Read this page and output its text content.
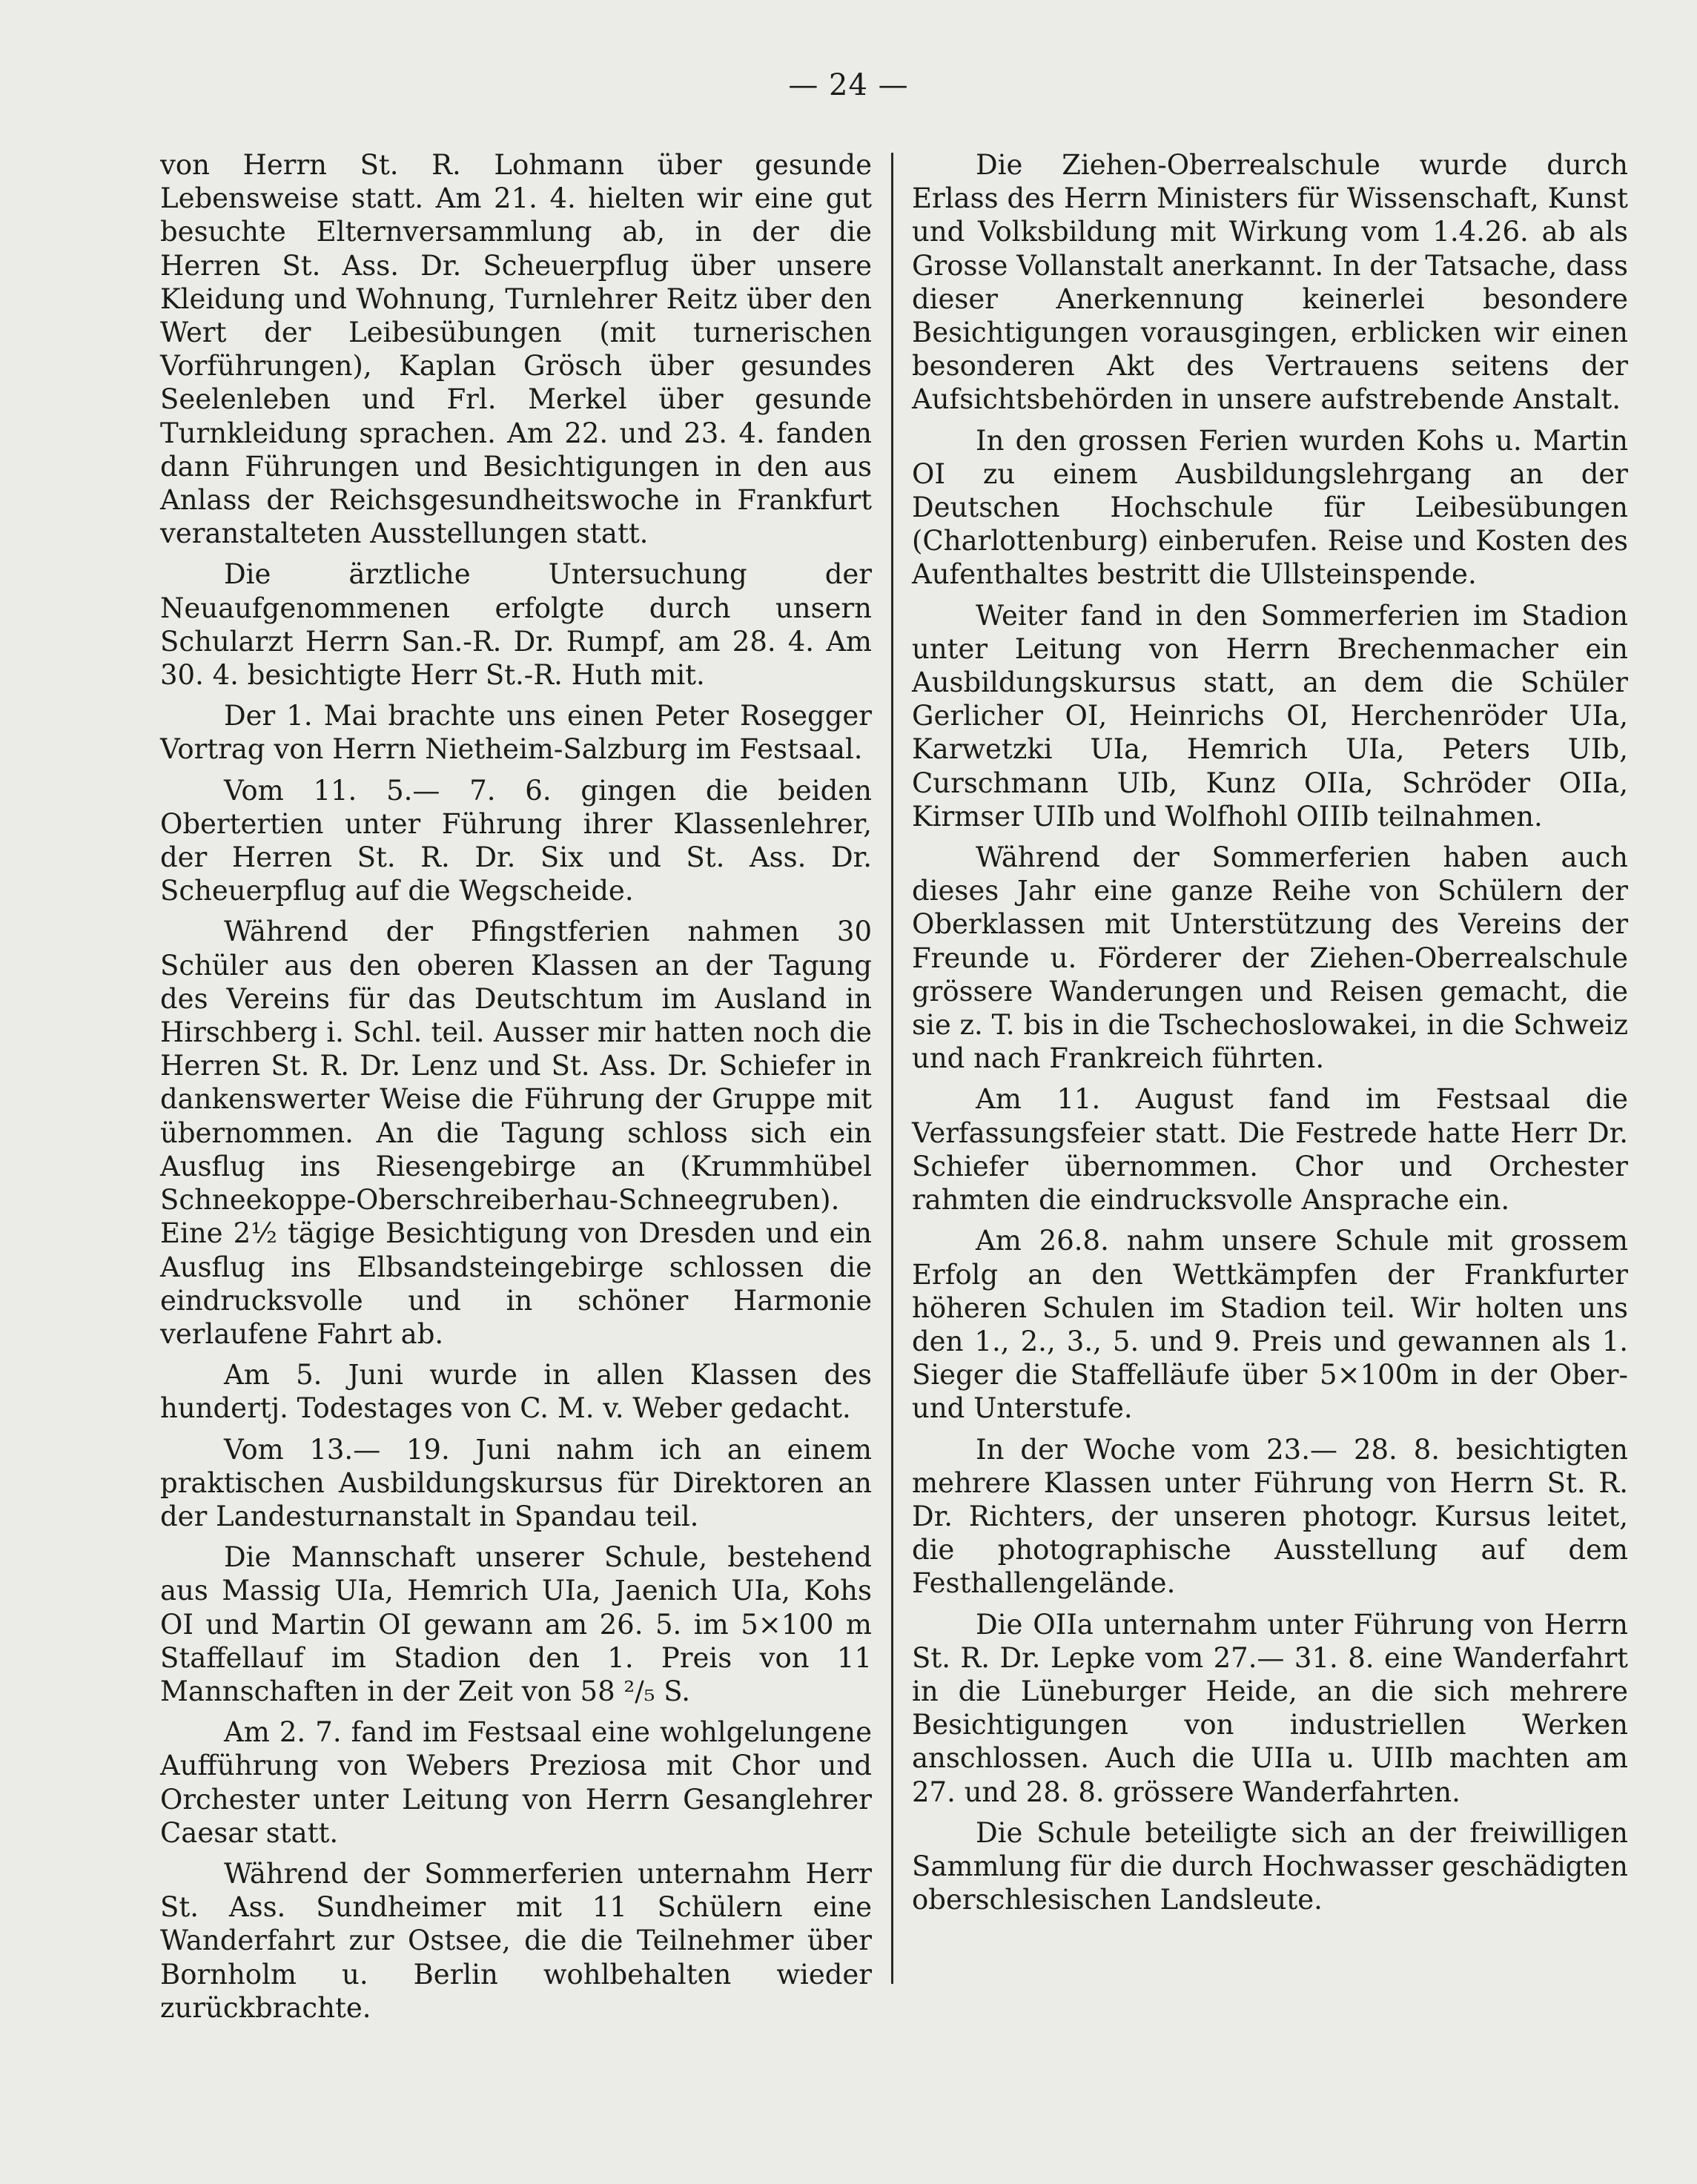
— 24 —

von Herrn St. R. Lohmann über gesunde Lebensweise statt. Am 21. 4. hielten wir eine gut besuchte Elternversammlung ab, in der die Herren St. Ass. Dr. Scheuerpflug über unsere Kleidung und Wohnung, Turnlehrer Reitz über den Wert der Leibesübungen (mit turnerischen Vorführungen), Kaplan Grösch über gesundes Seelenleben und Frl. Merkel über gesunde Turnkleidung sprachen. Am 22. und 23. 4. fanden dann Führungen und Besichtigungen in den aus Anlass der Reichsgesundheitswoche in Frankfurt veranstalteten Ausstellungen statt.

Die ärztliche Untersuchung der Neuaufgenommenen erfolgte durch unsern Schularzt Herrn San.-R. Dr. Rumpf, am 28. 4. Am 30. 4. besichtigte Herr St.-R. Huth mit.

Der 1. Mai brachte uns einen Peter Rosegger Vortrag von Herrn Nietheim-Salzburg im Festsaal.

Vom 11. 5.— 7. 6. gingen die beiden Obertertien unter Führung ihrer Klassenlehrer, der Herren St. R. Dr. Six und St. Ass. Dr. Scheuerpflug auf die Wegscheide.

Während der Pfingstferien nahmen 30 Schüler aus den oberen Klassen an der Tagung des Vereins für das Deutschtum im Ausland in Hirschberg i. Schl. teil. Ausser mir hatten noch die Herren St. R. Dr. Lenz und St. Ass. Dr. Schiefer in dankenswerter Weise die Führung der Gruppe mit übernommen. An die Tagung schloss sich ein Ausflug ins Riesengebirge an (Krummhübel Schneekoppe-Oberschreiberhau-Schneegruben). Eine 2½ tägige Besichtigung von Dresden und ein Ausflug ins Elbsandsteingebirge schlossen die eindrucksvolle und in schöner Harmonie verlaufene Fahrt ab.

Am 5. Juni wurde in allen Klassen des hundertj. Todestages von C. M. v. Weber gedacht.

Vom 13.— 19. Juni nahm ich an einem praktischen Ausbildungskursus für Direktoren an der Landesturnanstalt in Spandau teil.

Die Mannschaft unserer Schule, bestehend aus Massig UIa, Hemrich UIa, Jaenich UIa, Kohs OI und Martin OI gewann am 26. 5. im 5×100 m Staffellauf im Stadion den 1. Preis von 11 Mannschaften in der Zeit von 58 ²/₅ S.

Am 2. 7. fand im Festsaal eine wohlgelungene Aufführung von Webers Preziosa mit Chor und Orchester unter Leitung von Herrn Gesanglehrer Caesar statt.

Während der Sommerferien unternahm Herr St. Ass. Sundheimer mit 11 Schülern eine Wanderfahrt zur Ostsee, die die Teilnehmer über Bornholm u. Berlin wohlbehalten wieder zurückbrachte.

Die Ziehen-Oberrealschule wurde durch Erlass des Herrn Ministers für Wissenschaft, Kunst und Volksbildung mit Wirkung vom 1.4.26. ab als Grosse Vollanstalt anerkannt. In der Tatsache, dass dieser Anerkennung keinerlei besondere Besichtigungen vorausgingen, erblicken wir einen besonderen Akt des Vertrauens seitens der Aufsichtsbehörden in unsere aufstrebende Anstalt.

In den grossen Ferien wurden Kohs u. Martin OI zu einem Ausbildungslehrgang an der Deutschen Hochschule für Leibesübungen (Charlottenburg) einberufen. Reise und Kosten des Aufenthaltes bestritt die Ullsteinspende.

Weiter fand in den Sommerferien im Stadion unter Leitung von Herrn Brechenmacher ein Ausbildungskursus statt, an dem die Schüler Gerlicher OI, Heinrichs OI, Herchenröder UIa, Karwetzki UIa, Hemrich UIa, Peters UIb, Curschmann UIb, Kunz OIIa, Schröder OIIa, Kirmser UIIb und Wolfhohl OIIIb teilnahmen.

Während der Sommerferien haben auch dieses Jahr eine ganze Reihe von Schülern der Oberklassen mit Unterstützung des Vereins der Freunde u. Förderer der Ziehen-Oberrealschule grössere Wanderungen und Reisen gemacht, die sie z. T. bis in die Tschechoslowakei, in die Schweiz und nach Frankreich führten.

Am 11. August fand im Festsaal die Verfassungsfeier statt. Die Festrede hatte Herr Dr. Schiefer übernommen. Chor und Orchester rahmten die eindrucksvolle Ansprache ein.

Am 26.8. nahm unsere Schule mit grossem Erfolg an den Wettkämpfen der Frankfurter höheren Schulen im Stadion teil. Wir holten uns den 1., 2., 3., 5. und 9. Preis und gewannen als 1. Sieger die Staffelläufe über 5×100m in der Ober- und Unterstufe.

In der Woche vom 23.— 28. 8. besichtigten mehrere Klassen unter Führung von Herrn St. R. Dr. Richters, der unseren photogr. Kursus leitet, die photographische Ausstellung auf dem Festhallengelände.

Die OIIa unternahm unter Führung von Herrn St. R. Dr. Lepke vom 27.— 31. 8. eine Wanderfahrt in die Lüneburger Heide, an die sich mehrere Besichtigungen von industriellen Werken anschlossen. Auch die UIIa u. UIIb machten am 27. und 28. 8. grössere Wanderfahrten.

Die Schule beteiligte sich an der freiwilligen Sammlung für die durch Hochwasser geschädigten oberschlesischen Landsleute.
